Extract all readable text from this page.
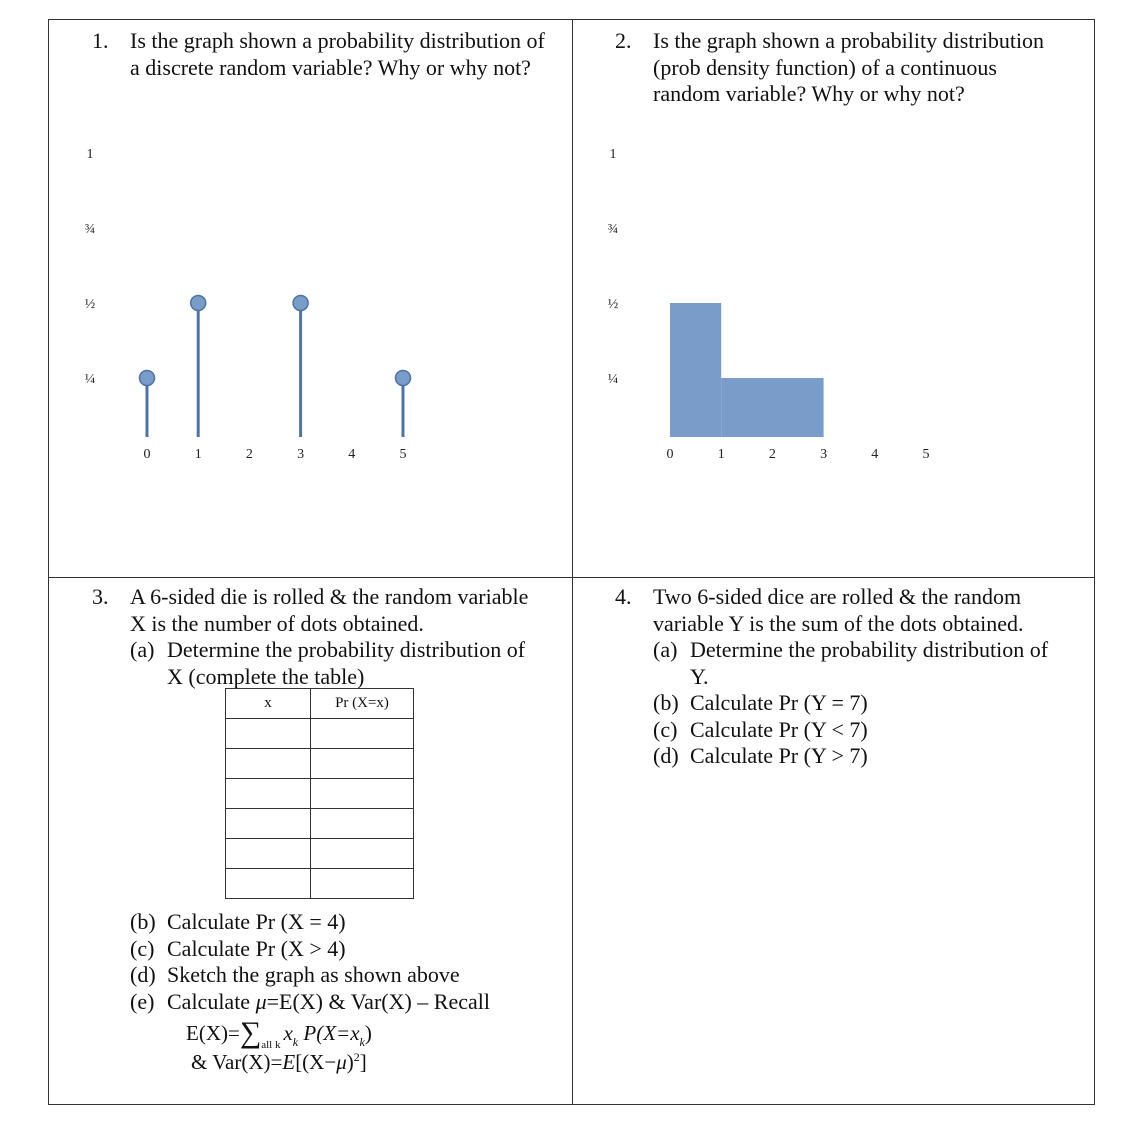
1. Is the graph shown a probability distribution of
a discrete random variable? Why or why not?
1
¾
½
¼
0	1	2	3	4	5
2. Is the graph shown a probability distribution
(prob density function) of a continuous
random variable? Why or why not?
1
¾
½
¼
0	1	2	3	4	5
3. A 6-sided die is rolled & the random variable
X is the number of dots obtained.
(a) Determine the probability distribution of
X (complete the table)
x	Pr (X=x)

(b) Calculate Pr (X = 4)
(c) Calculate Pr (X > 4)
(d) Sketch the graph as shown above
(e) Calculate μ=E(X) & Var(X) – Recall
$E(X)=\sum_{all k}$ $x_k$ $P(X=x_k)$
& $Var(X)=E[(X-\mu)^2]$
4. Two 6-sided dice are rolled & the random
variable Y is the sum of the dots obtained.
(a) Determine the probability distribution of
Y.
(b) Calculate Pr (Y = 7)
(c) Calculate Pr (Y < 7)
(d) Calculate Pr (Y > 7)
